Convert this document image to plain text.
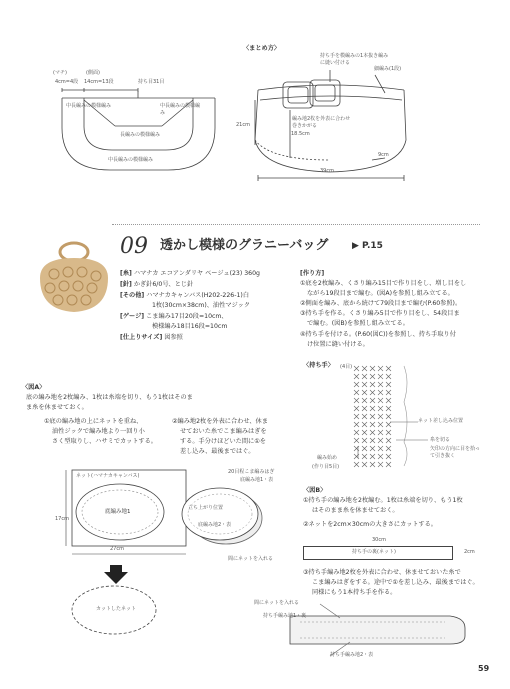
〈まとめ方〉
(マチ)	(側面)
4cm=4段 14cm=13段	持ち目31目
中長編みの模様編み	中長編みの模様編み
長編みの模様編み
中長編みの模様編み
持ち手を模編みの1本抜き編みに縫い付ける
細編み(1段)
編み地2枚を外表に合わせ巻きかがる
21cm
18.5cm
9cm
39cm
09 透かし模様のグラニーバッグ	▶ P.15
[糸] ハマナカ エコアンダリヤ ベージュ(23) 360g
[針] かぎ針6/0号、とじ針
[その他] ハマナカキャンバス(H202-226-1)白
1枚(30cm×38cm)、油性マジック
[ゲージ] こま編み17目20段=10cm、
模様編み18目16段=10cm
[仕上りサイズ] 図参照
[作り方]
①底を2枚編み、くさり編み15目で作り目をし、増し目をし
ながら19段目まで編む。(図A)を参照し組み立てる。
②側面を編み、底から続けて79段目まで編む(P.60参照)。
③持ち手を作る。くさり編み5目で作り目をし、54段目ま
で編む。(図B)を参照し組み立てる。
④持ち手を付ける。(P.60(図C))を参照し、持ち手取り付
け位置に縫い付ける。
〈持ち手〉 (4目)
ネット差し込み位置
糸を切る
矢印の方向に目を拾って引き抜く
編み始め
(作り目5目)
〈図A〉
底の編み地を2枚編み、1枚は糸端を切り、もう1枚はそのま
ま糸を休ませておく。
①底の編み地の上にネットを重ね、
油性ジックで編み地より一回り小
さく型取りし、ハサミでカットする。
②編み地2枚を外表に合わせ、休ま
せておいた糸でこま編みはぎを
する。手分けほどいた間に①を
差し込み、最後まではぐ。
ネット(ハマナカキャンバス)
底編み地1
17cm
27cm
カットしたネット
20目程こま編みはぎ
底編み地1・表
立ち上がり位置
底編み地2・表
間にネットを入れる
〈図B〉
①持ち手の編み地を2枚編む。1枚は糸端を切り、もう1枚
はそのまま糸を休ませておく。
②ネットを2cm×30cmの大きさにカットする。
30cm
持ち手の裏(ネット)	2cm
③持ち手編み地2枚を外表に合わせ、休ませておいた糸で
こま編みはぎをする。途中で①を差し込み、最後まではぐ。
同様にもう1本持ち手を作る。
間にネットを入れる
持ち手編み地1・裏
持ち手編み地2・表
59
